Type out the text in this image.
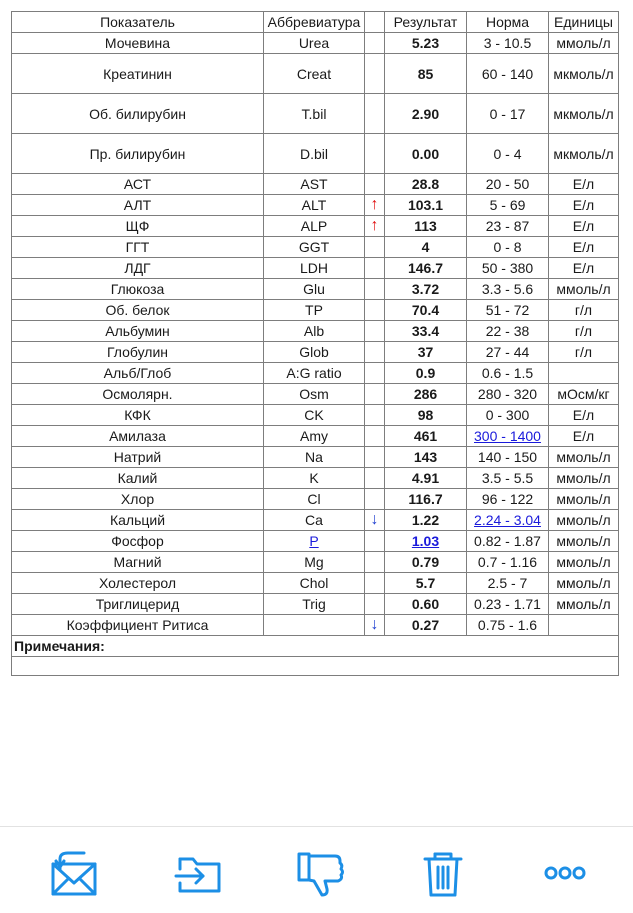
Показатель	Аббревиатура		Результат	Норма	Единицы
Мочевина	Urea		5.23	3 - 10.5	ммоль/л
Креатинин	Creat		85	60 - 140	мкмоль/л
Об. билирубин	T.bil		2.90	0 - 17	мкмоль/л
Пр. билирубин	D.bil		0.00	0 - 4	мкмоль/л
АСТ	AST		28.8	20 - 50	Е/л
АЛТ	ALT	↑	103.1	5 - 69	Е/л
ЩФ	ALP	↑	113	23 - 87	Е/л
ГГТ	GGT		4	0 - 8	Е/л
ЛДГ	LDH		146.7	50 - 380	Е/л
Глюкоза	Glu		3.72	3.3 - 5.6	ммоль/л
Об. белок	TP		70.4	51 - 72	г/л
Альбумин	Alb		33.4	22 - 38	г/л
Глобулин	Glob		37	27 - 44	г/л
Альб/Глоб	A:G ratio		0.9	0.6 - 1.5	
Осмолярн.	Osm		286	280 - 320	мОсм/кг
КФК	CK		98	0 - 300	Е/л
Амилаза	Amy		461	300 - 1400	Е/л
Натрий	Na		143	140 - 150	ммоль/л
Калий	K		4.91	3.5 - 5.5	ммоль/л
Хлор	Cl		116.7	96 - 122	ммоль/л
Кальций	Ca	↓	1.22	2.24 - 3.04	ммоль/л
Фосфор	P		1.03	0.82 - 1.87	ммоль/л
Магний	Mg		0.79	0.7 - 1.16	ммоль/л
Холестерол	Chol		5.7	2.5 - 7	ммоль/л
Триглицерид	Trig		0.60	0.23 - 1.71	ммоль/л
Коэффициент Ритиса		↓	0.27	0.75 - 1.6	
Примечания:					
